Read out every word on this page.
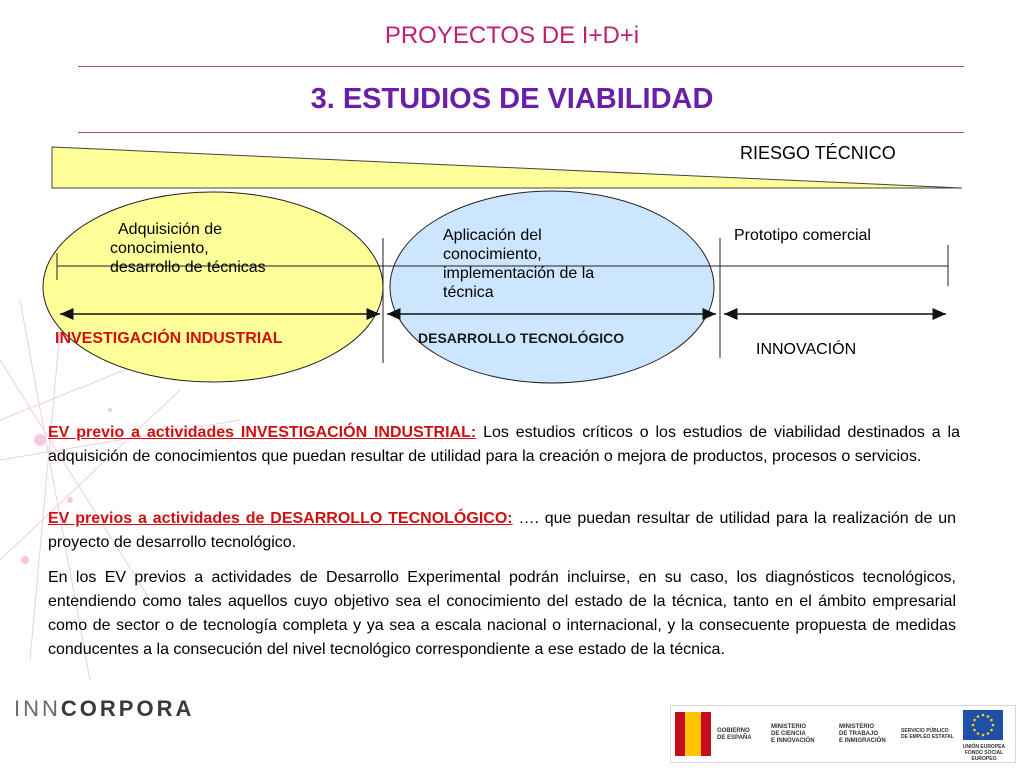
PROYECTOS DE I+D+i
3. ESTUDIOS DE VIABILIDAD
RIESGO TÉCNICO
Adquisición de
conocimiento,
desarrollo de técnicas
Aplicación del
conocimiento,
implementación de la
técnica
Prototipo comercial
INVESTIGACIÓN INDUSTRIAL	DESARROLLO TECNOLÓGICO
INNOVACIÓN
EV previo a actividades INVESTIGACIÓN INDUSTRIAL: Los estudios críticos o los estudios de viabilidad destinados a la adquisición de conocimientos que puedan resultar de utilidad para la creación o mejora de productos, procesos o servicios.
EV previos a actividades de DESARROLLO TECNOLÓGICO: …. que puedan resultar de utilidad para la realización de un proyecto de desarrollo tecnológico.
En los EV previos a actividades de Desarrollo Experimental podrán incluirse, en su caso, los diagnósticos tecnológicos, entendiendo como tales aquellos cuyo objetivo sea el conocimiento del estado de la técnica, tanto en el ámbito empresarial como de sector o de tecnología completa y ya sea a escala nacional o internacional, y la consecuente propuesta de medidas conducentes a la consecución del nivel tecnológico correspondiente a ese estado de la técnica.
INNCORPORA
GOBIERNO
DE ESPAÑA
MINISTERIO
DE CIENCIA
E INNOVACIÓN
MINISTERIO
DE TRABAJO
E INMIGRACIÓN
SERVICIO PÚBLICO
DE EMPLEO ESTATAL
UNIÓN EUROPEA
FONDO SOCIAL EUROPEO
